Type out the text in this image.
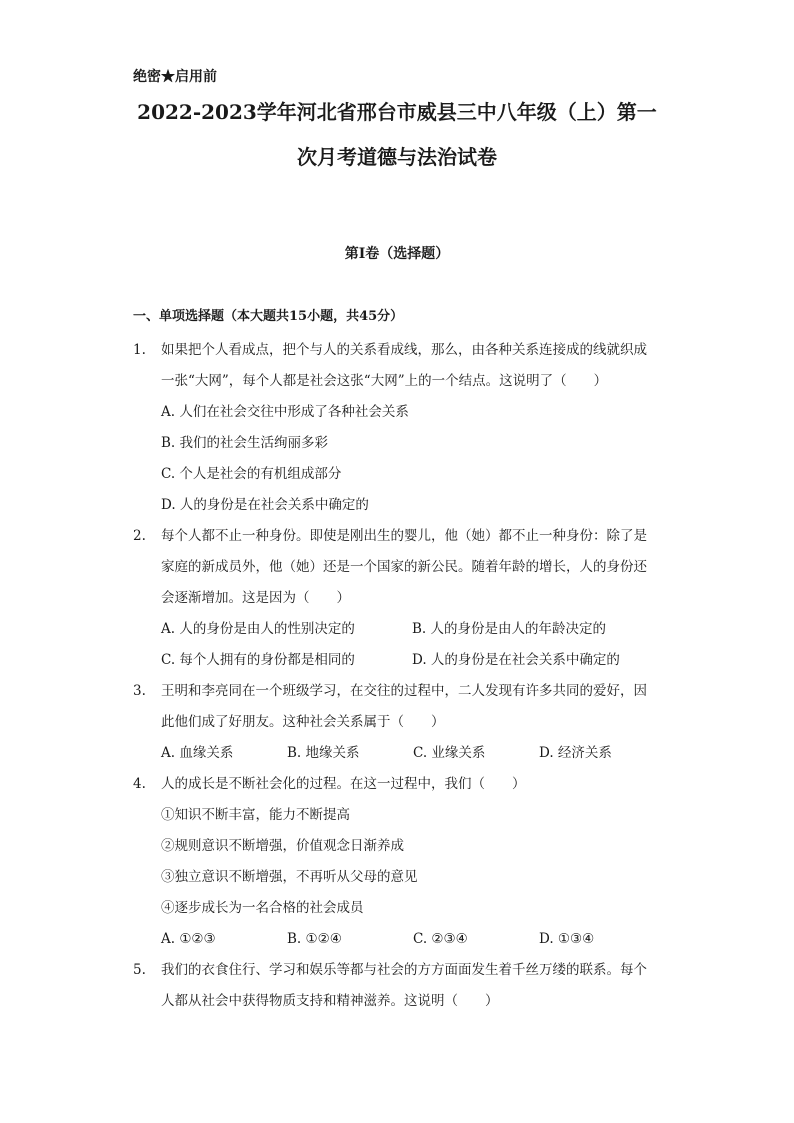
绝密★启用前
2022-2023学年河北省邢台市威县三中八年级（上）第一
次月考道德与法治试卷
第I卷（选择题）
一、单项选择题（本大题共15小题，共45分）
1. 如果把个人看成点，把个与人的关系看成线，那么，由各种关系连接成的线就织成
一张“大网”，每个人都是社会这张“大网”上的一个结点。这说明了（　　）
A. 人们在社会交往中形成了各种社会关系
B. 我们的社会生活绚丽多彩
C. 个人是社会的有机组成部分
D. 人的身份是在社会关系中确定的
2. 每个人都不止一种身份。即使是刚出生的婴儿，他（她）都不止一种身份：除了是
家庭的新成员外，他（她）还是一个国家的新公民。随着年龄的增长，人的身份还
会逐渐增加。这是因为（　　）
A. 人的身份是由人的性别决定的	B. 人的身份是由人的年龄决定的
C. 每个人拥有的身份都是相同的	D. 人的身份是在社会关系中确定的
3. 王明和李亮同在一个班级学习，在交往的过程中，二人发现有许多共同的爱好，因
此他们成了好朋友。这种社会关系属于（　　）
A. 血缘关系	B. 地缘关系	C. 业缘关系	D. 经济关系
4. 人的成长是不断社会化的过程。在这一过程中，我们（　　）
①知识不断丰富，能力不断提高
②规则意识不断增强，价值观念日渐养成
③独立意识不断增强，不再听从父母的意见
④逐步成长为一名合格的社会成员
A. ①②③	B. ①②④	C. ②③④	D. ①③④
5. 我们的衣食住行、学习和娱乐等都与社会的方方面面发生着千丝万缕的联系。每个
人都从社会中获得物质支持和精神滋养。这说明（　　）
